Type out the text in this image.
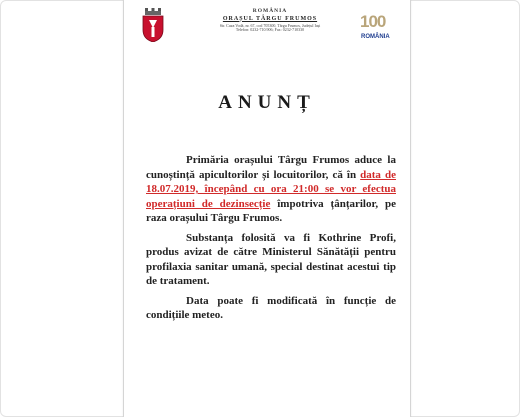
ROMÂNIA
ORAȘUL TÂRGU FRUMOS
Str. Cuza Vodă, nr. 67, cod 705300, Târgu Frumos, Județul Iași
Telefon: 0232-710.906; Fax: 0232-710330	100
ROMÂNIA
ANUNȚ

Primăria orașului Târgu Frumos aduce la cunoștință apicultorilor și locuitorilor, că în data de 18.07.2019, începând cu ora 21:00 se vor efectua operațiuni de dezinsecție împotriva țânțarilor, pe raza orașului Târgu Frumos.

Substanța folosită va fi Kothrine Profi, produs avizat de către Ministerul Sănătății pentru profilaxia sanitar umană, special destinat acestui tip de tratament.

Data poate fi modificată în funcție de condițiile meteo.
